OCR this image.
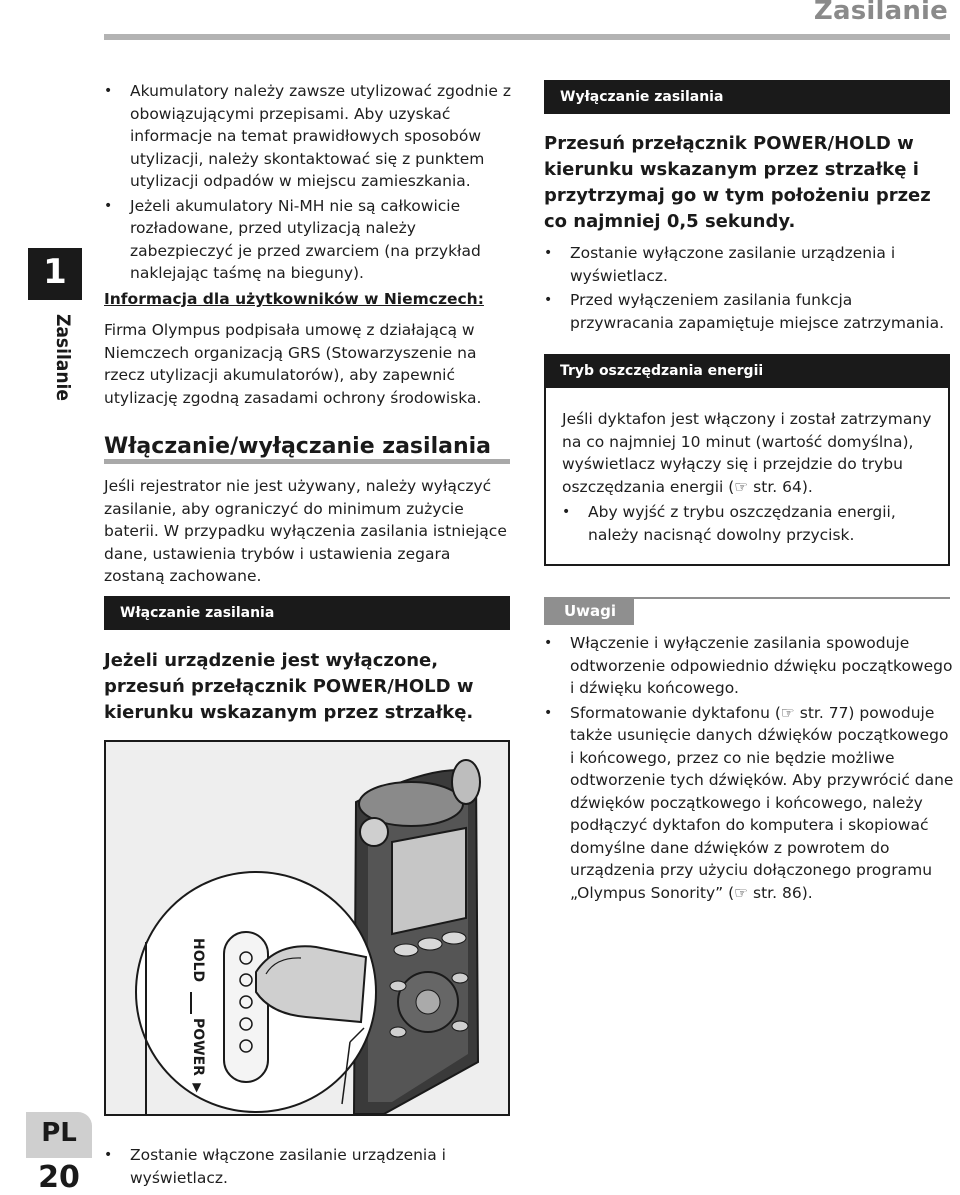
Zasilanie
1
Zasilanie
PL
20
• Akumulatory należy zawsze utylizować zgodnie z obowiązującymi przepisami. Aby uzyskać informacje na temat prawidłowych sposobów utylizacji, należy skontaktować się z punktem utylizacji odpadów w miejscu zamieszkania.
• Jeżeli akumulatory Ni-MH nie są całkowicie rozładowane, przed utylizacją należy zabezpieczyć je przed zwarciem (na przykład naklejając taśmę na bieguny).
Informacja dla użytkowników w Niemczech:
Firma Olympus podpisała umowę z działającą w Niemczech organizacją GRS (Stowarzyszenie na rzecz utylizacji akumulatorów), aby zapewnić utylizację zgodną zasadami ochrony środowiska.
Włączanie/wyłączanie zasilania
Jeśli rejestrator nie jest używany, należy wyłączyć zasilanie, aby ograniczyć do minimum zużycie baterii. W przypadku wyłączenia zasilania istniejące dane, ustawienia trybów i ustawienia zegara zostaną zachowane.
Włączanie zasilania
Jeżeli urządzenie jest wyłączone, przesuń przełącznik POWER/HOLD w kierunku wskazanym przez strzałkę.
HOLD
POWER
▼
• Zostanie włączone zasilanie urządzenia i wyświetlacz.
Wyłączanie zasilania
Przesuń przełącznik POWER/HOLD w kierunku wskazanym przez strzałkę i przytrzymaj go w tym położeniu przez co najmniej 0,5 sekundy.
• Zostanie wyłączone zasilanie urządzenia i wyświetlacz.
• Przed wyłączeniem zasilania funkcja przywracania zapamiętuje miejsce zatrzymania.
Tryb oszczędzania energii
Jeśli dyktafon jest włączony i został zatrzymany na co najmniej 10 minut (wartość domyślna), wyświetlacz wyłączy się i przejdzie do trybu oszczędzania energii (☞ str. 64).
• Aby wyjść z trybu oszczędzania energii, należy nacisnąć dowolny przycisk.
Uwagi
• Włączenie i wyłączenie zasilania spowoduje odtworzenie odpowiednio dźwięku początkowego i dźwięku końcowego.
• Sformatowanie dyktafonu (☞ str. 77) powoduje także usunięcie danych dźwięków początkowego i końcowego, przez co nie będzie możliwe odtworzenie tych dźwięków. Aby przywrócić dane dźwięków początkowego i końcowego, należy podłączyć dyktafon do komputera i skopiować domyślne dane dźwięków z powrotem do urządzenia przy użyciu dołączonego programu „Olympus Sonority” (☞ str. 86).
